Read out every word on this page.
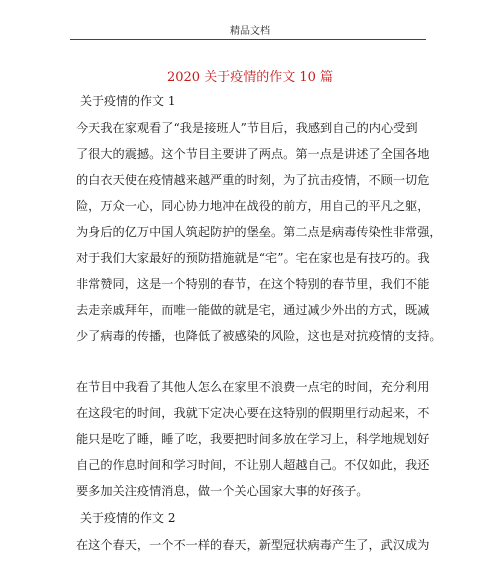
精品文档
2020 关于疫情的作文 10 篇
关于疫情的作文 1
今天我在家观看了“我是接班人”节目后，我感到自己的内心受到
了很大的震撼。这个节目主要讲了两点。第一点是讲述了全国各地
的白衣天使在疫情越来越严重的时刻，为了抗击疫情，不顾一切危
险，万众一心，同心协力地冲在战役的前方，用自己的平凡之躯，
为身后的亿万中国人筑起防护的堡垒。第二点是病毒传染性非常强，
对于我们大家最好的预防措施就是“宅”。宅在家也是有技巧的。我
非常赞同，这是一个特别的春节，在这个特别的春节里，我们不能
去走亲戚拜年，而唯一能做的就是宅，通过减少外出的方式，既减
少了病毒的传播，也降低了被感染的风险，这也是对抗疫情的支持。
在节目中我看了其他人怎么在家里不浪费一点宅的时间，充分利用
在这段宅的时间，我就下定决心要在这特别的假期里行动起来，不
能只是吃了睡，睡了吃，我要把时间多放在学习上，科学地规划好
自己的作息时间和学习时间，不让别人超越自己。不仅如此，我还
要多加关注疫情消息，做一个关心国家大事的好孩子。
关于疫情的作文 2
在这个春天，一个不一样的春天，新型冠状病毒产生了，武汉成为
